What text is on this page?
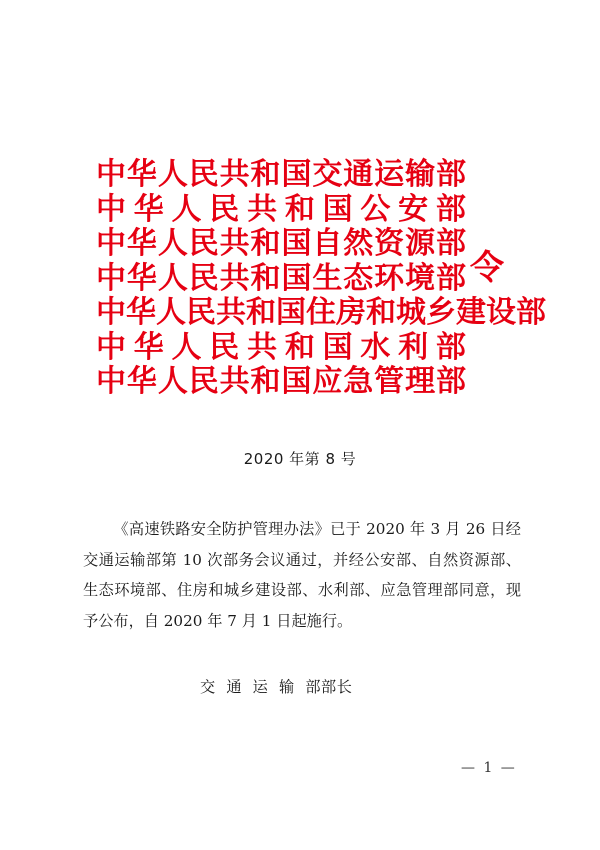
中 华 人 民 共 和 国 交 通 运 输 部
中 华 人 民 共 和 国 公 安 部
中 华 人 民 共 和 国 自 然 资 源 部
中 华 人 民 共 和 国 生 态 环 境 部
中 华 人 民 共 和 国 住 房 和 城 乡 建 设 部
中 华 人 民 共 和 国 水 利 部
中 华 人 民 共 和 国 应 急 管 理 部
令
2020 年第 8 号
《高速铁路安全防护管理办法》已于 2020 年 3 月 26 日经交通运输部第 10 次部务会议通过，并经公安部、自然资源部、生态环境部、住房和城乡建设部、水利部、应急管理部同意，现予公布，自 2020 年 7 月 1 日起施行。
交  通  运  输  部部长
— 1 —
